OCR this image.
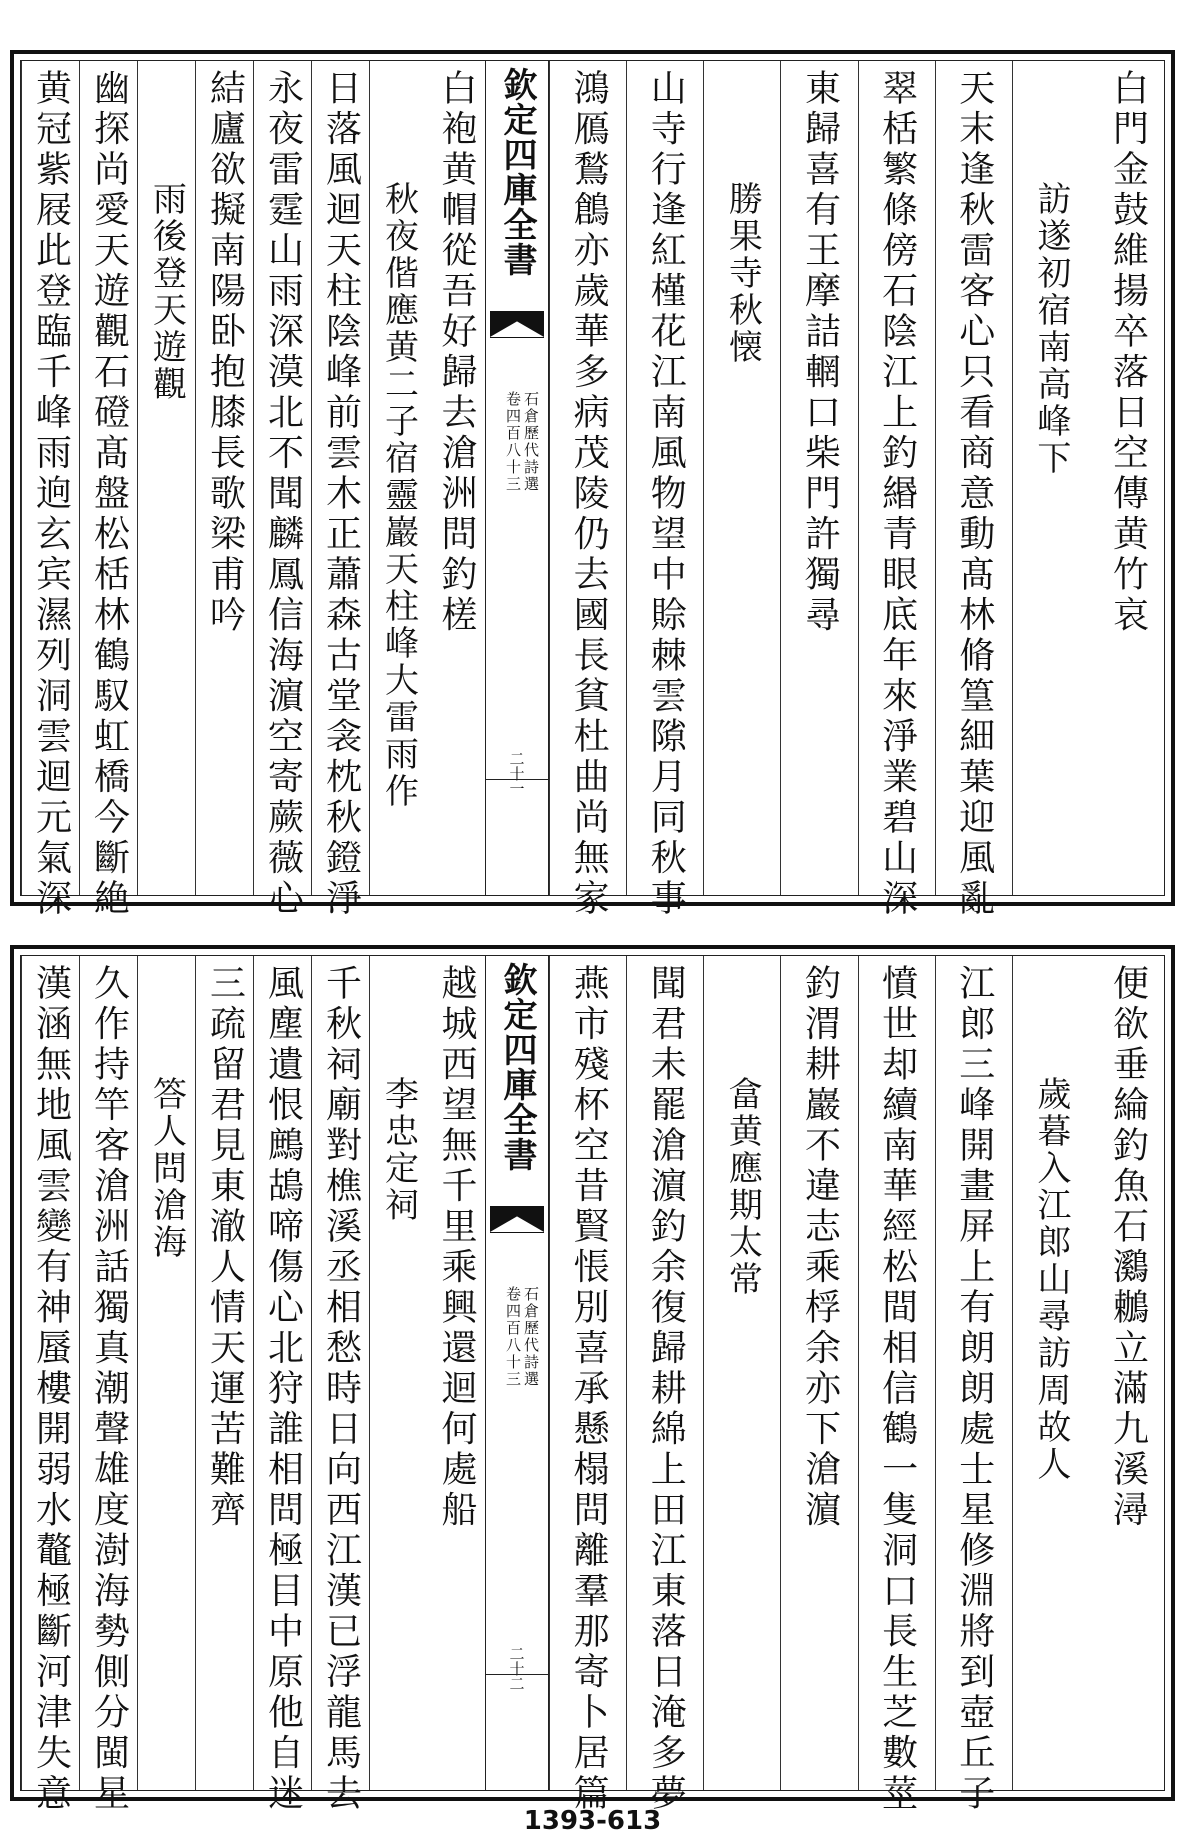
白袍黄帽從吾好歸去滄洲問釣槎
秋夜偕應黄二子宿靈巖天柱峰大雷雨作
日落風迴天柱陰峰前雲木正蕭森古堂衾枕秋鐙淨
永夜雷霆山雨深漠北不聞麟鳳信海濵空寄蕨薇心
結廬欲擬南陽卧抱膝長歌梁甫吟
雨後登天遊觀
幽探尚愛天遊觀石磴髙盤松栝林鶴馭虹橋今斷絶
黄冠紫屐此登臨千峰雨逈玄宾濕列洞雲迴元氣深	欽定四庫全書
石倉歷代詩選
卷四百八十三
二十一
白門金鼓維揚卒落日空傳黄竹哀
訪遂初宿南高峰下
天末逢秋䨓客心只看商意動髙林脩篁細葉迎風亂
翠栝繁條傍石陰江上釣緡青眼底年來淨業碧山深
東歸喜有王摩詰輞口柴門許獨尋
勝果寺秋懐
山寺行逢紅槿花江南風物望中賒棘雲𨻶月同秋事
鴻鴈鶖鶬亦歲華多病茂陵仍去國長貧杜曲尚無家
越城西望無千里乘興還迴何處船
李忠定祠
千秋祠廟對樵溪丞相愁時日向西江漢已浮龍馬去
風塵遺恨鷓鴣啼傷心北狩誰相問極目中原他自迷
三疏留君見東澈人情天運苦難齊
答人問滄海
久作持竿客滄洲話獨真潮聲雄度澍海勢側分閩星
漢涵無地風雲變有神蜃樓開弱水鼇極斷河津失意	欽定四庫全書
石倉歷代詩選
卷四百八十三
二十二
便欲垂綸釣魚石鸂鶒立滿九溪潯
歲暮入江郎山尋訪周故人
江郎三峰開畫屏上有朗朗處士星修淵將到壺丘子
憤世却續南華經松間相信鶴一隻洞口長生芝數莖
釣渭耕巖不違志乘桴余亦下滄濵
畣黄應期太常
聞君未罷滄濵釣余復歸耕綿上田江東落日淹多夢
燕市殘杯空昔賢悵別喜承懸榻問離羣那寄卜居篇
1393-613
